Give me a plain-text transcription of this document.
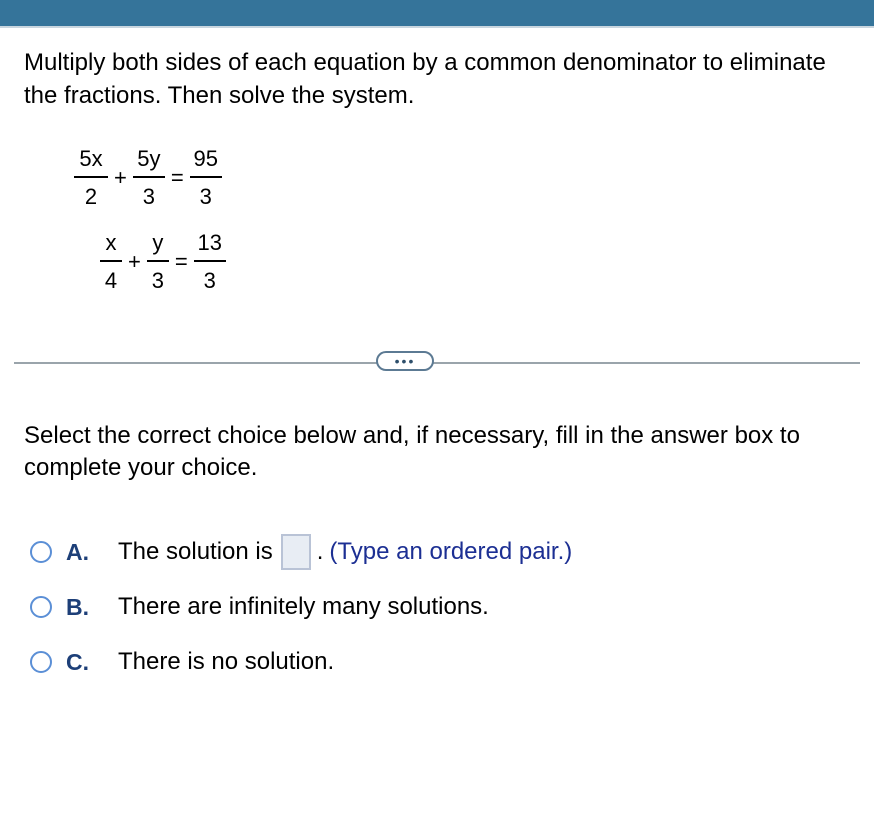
Multiply both sides of each equation by a common denominator to eliminate the fractions. Then solve the system.
$\frac{5x}{2} + \frac{5y}{3} = \frac{95}{3}$
$\frac{x}{4} + \frac{y}{3} = \frac{13}{3}$
•••
Select the correct choice below and, if necessary, fill in the answer box to complete your choice.
A.	The solution is . (Type an ordered pair.)
B.	There are infinitely many solutions.
C.	There is no solution.
